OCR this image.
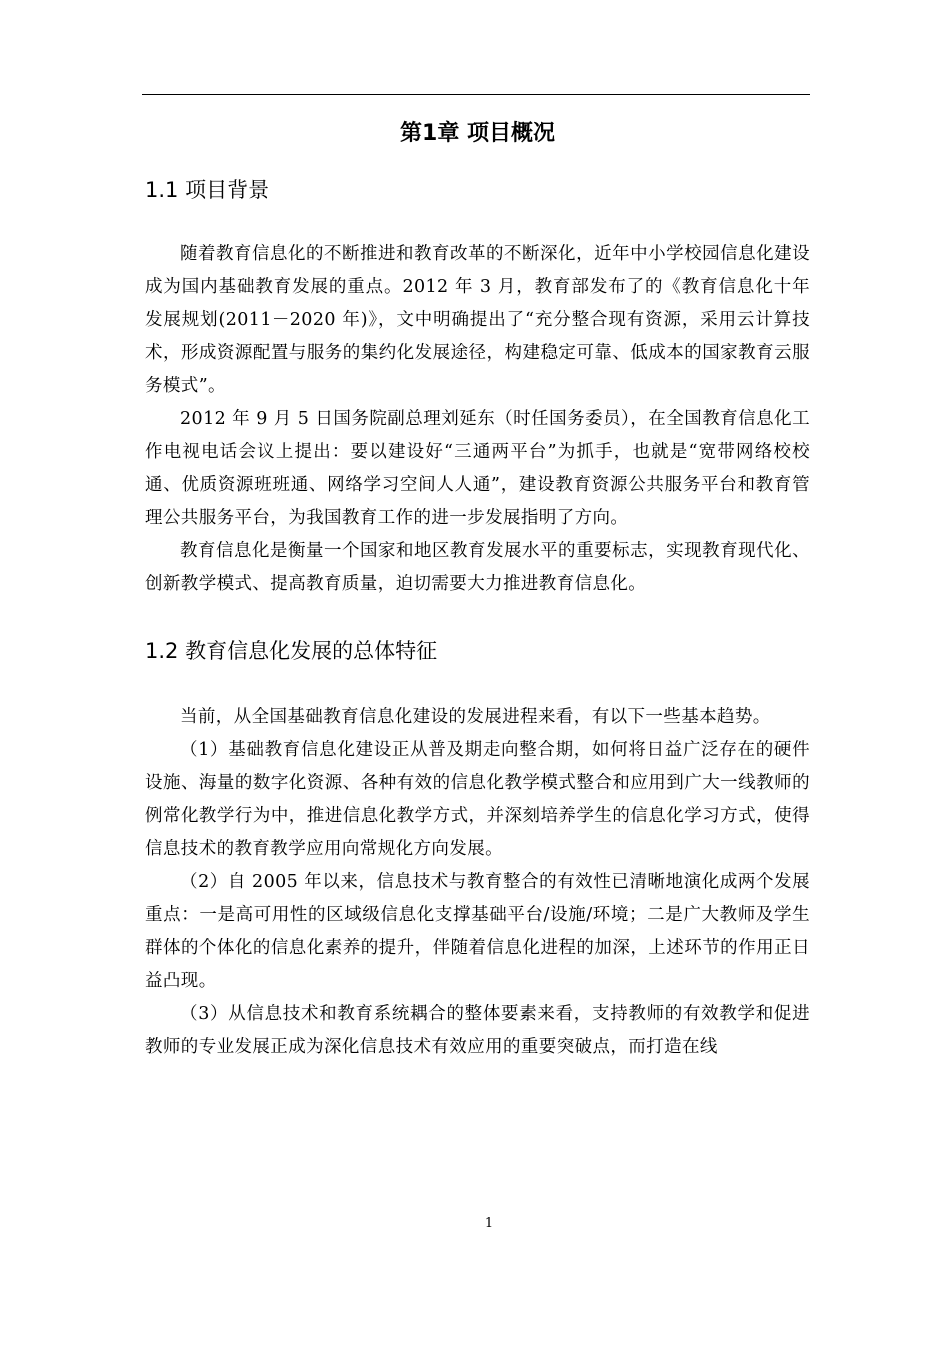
第1章 项目概况
1.1 项目背景

随着教育信息化的不断推进和教育改革的不断深化，近年中小学校园信息化建设成为国内基础教育发展的重点。2012 年 3 月，教育部发布了的《教育信息化十年发展规划(2011－2020 年)》，文中明确提出了“充分整合现有资源，采用云计算技术，形成资源配置与服务的集约化发展途径，构建稳定可靠、低成本的国家教育云服务模式”。

2012 年 9 月 5 日国务院副总理刘延东（时任国务委员），在全国教育信息化工作电视电话会议上提出：要以建设好“三通两平台”为抓手，也就是“宽带网络校校通、优质资源班班通、网络学习空间人人通”，建设教育资源公共服务平台和教育管理公共服务平台，为我国教育工作的进一步发展指明了方向。

教育信息化是衡量一个国家和地区教育发展水平的重要标志，实现教育现代化、创新教学模式、提高教育质量，迫切需要大力推进教育信息化。

1.2 教育信息化发展的总体特征

当前，从全国基础教育信息化建设的发展进程来看，有以下一些基本趋势。

（1）基础教育信息化建设正从普及期走向整合期，如何将日益广泛存在的硬件设施、海量的数字化资源、各种有效的信息化教学模式整合和应用到广大一线教师的例常化教学行为中，推进信息化教学方式，并深刻培养学生的信息化学习方式，使得信息技术的教育教学应用向常规化方向发展。

（2）自 2005 年以来，信息技术与教育整合的有效性已清晰地演化成两个发展重点：一是高可用性的区域级信息化支撑基础平台/设施/环境；二是广大教师及学生群体的个体化的信息化素养的提升，伴随着信息化进程的加深，上述环节的作用正日益凸现。

（3）从信息技术和教育系统耦合的整体要素来看，支持教师的有效教学和促进教师的专业发展正成为深化信息技术有效应用的重要突破点，而打造在线

1
